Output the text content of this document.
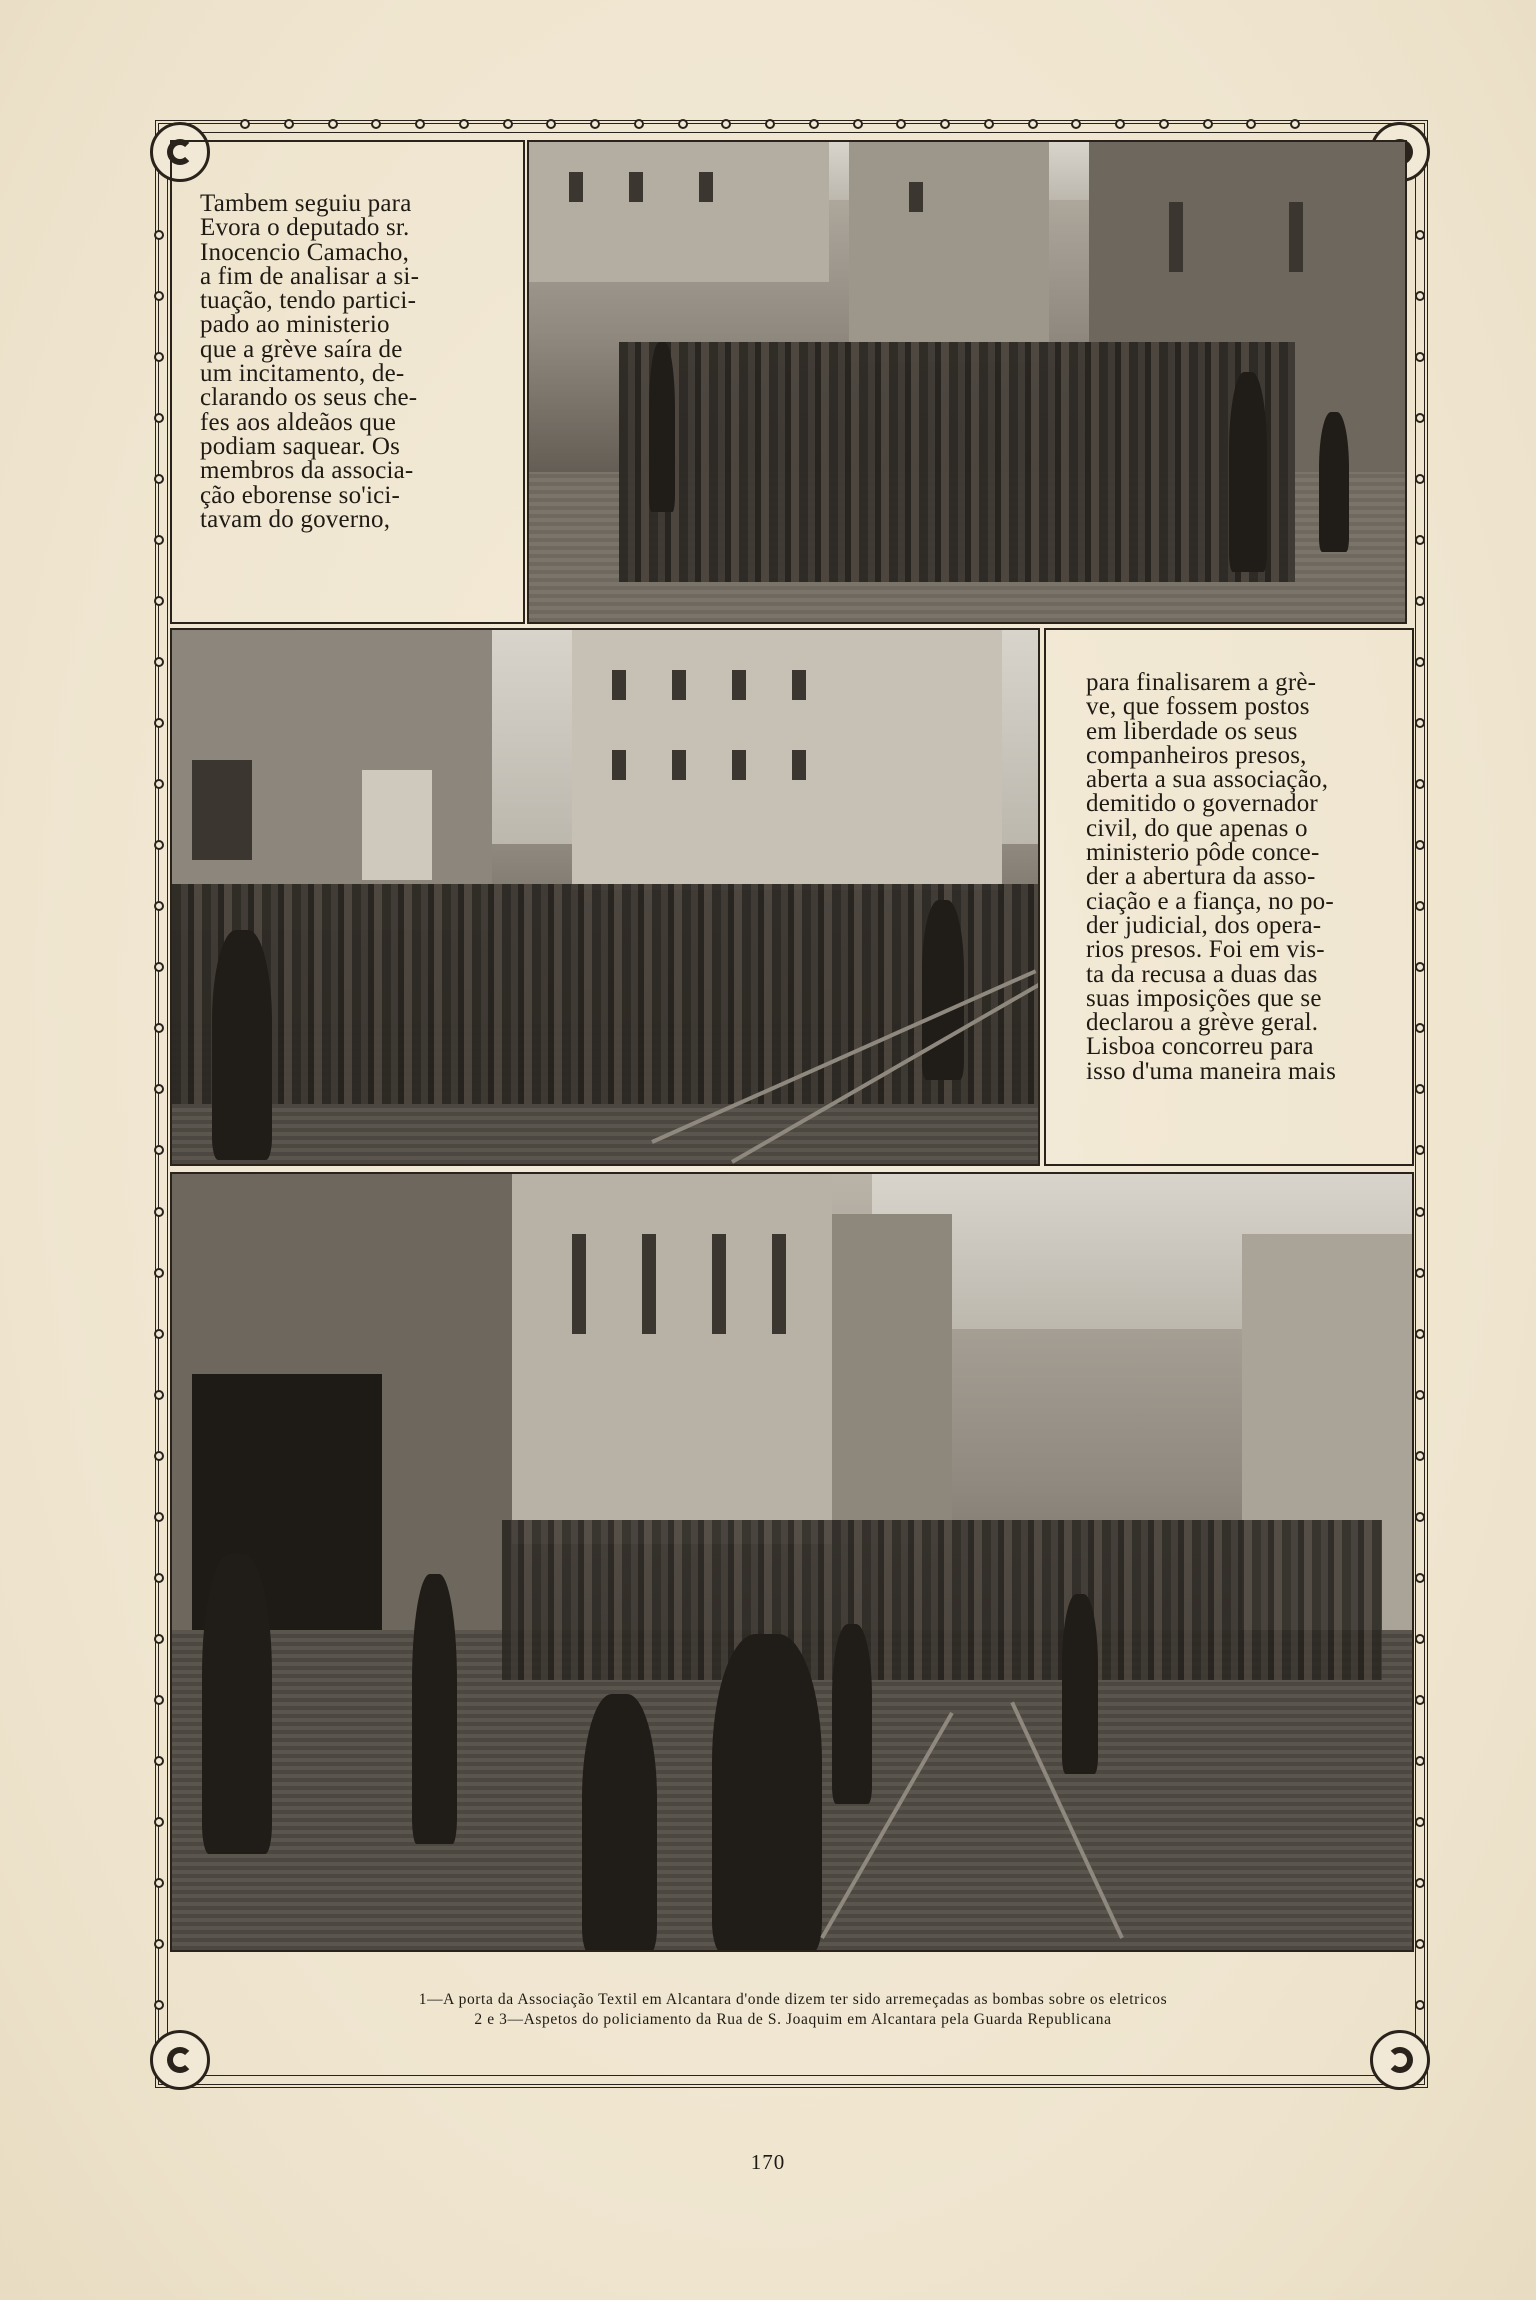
Tambem seguiu para
Evora o deputado sr.
Inocencio Camacho,
a fim de analisar a si-
tuação, tendo partici-
pado ao ministerio
que a grève saíra de
um incitamento, de-
clarando os seus che-
fes aos aldeãos que
podiam saquear. Os
membros da associa-
ção eborense so'ici-
tavam do governo,

para finalisarem a grè-
ve, que fossem postos
em liberdade os seus
companheiros presos,
aberta a sua associação,
demitido o governador
civil, do que apenas o
ministerio pôde conce-
der a abertura da asso-
ciação e a fiança, no po-
der judicial, dos opera-
rios presos. Foi em vis-
ta da recusa a duas das
suas imposições que se
declarou a grève geral.
Lisboa concorreu para
isso d'uma maneira mais

1—A porta da Associação Textil em Alcantara d'onde dizem ter sido arremeçadas as bombas sobre os eletricos
2 e 3—Aspetos do policiamento da Rua de S. Joaquim em Alcantara pela Guarda Republicana
170
